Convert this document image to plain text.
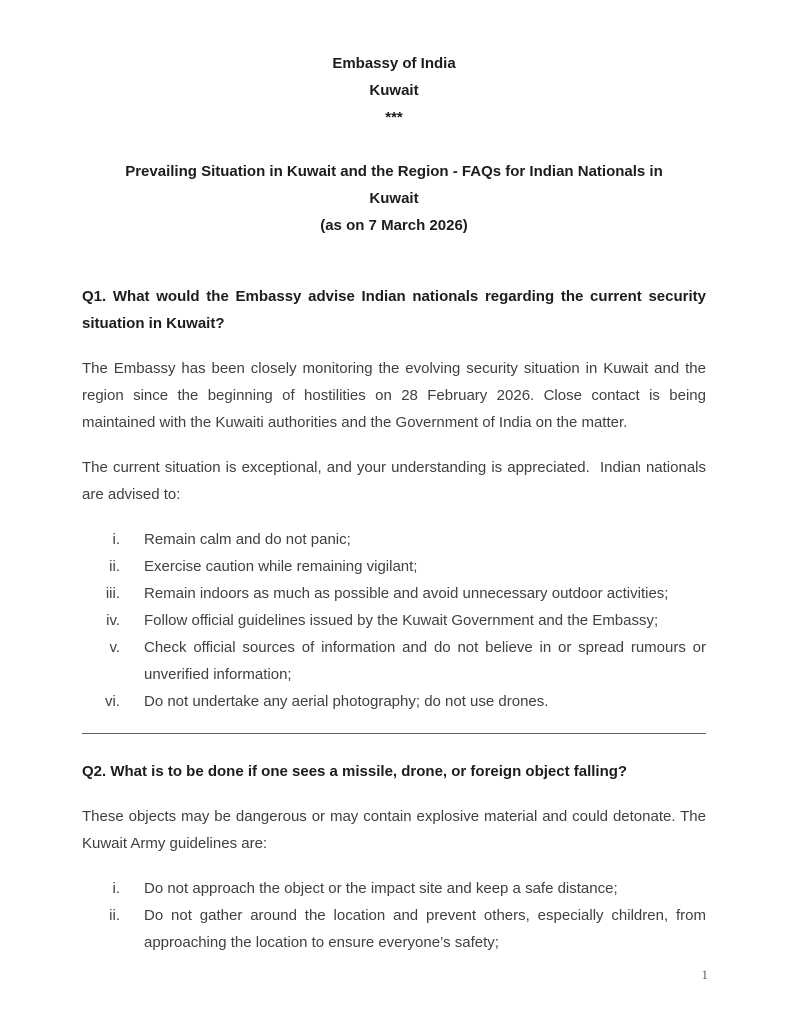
Embassy of India
Kuwait
***
Prevailing Situation in Kuwait and the Region - FAQs for Indian Nationals in
Kuwait
(as on 7 March 2026)
Q1. What would the Embassy advise Indian nationals regarding the current security situation in Kuwait?

The Embassy has been closely monitoring the evolving security situation in Kuwait and the region since the beginning of hostilities on 28 February 2026. Close contact is being maintained with the Kuwaiti authorities and the Government of India on the matter.

The current situation is exceptional, and your understanding is appreciated.  Indian nationals are advised to:

i. Remain calm and do not panic;
ii. Exercise caution while remaining vigilant;
iii. Remain indoors as much as possible and avoid unnecessary outdoor activities;
iv. Follow official guidelines issued by the Kuwait Government and the Embassy;
v. Check official sources of information and do not believe in or spread rumours or unverified information;
vi. Do not undertake any aerial photography; do not use drones.
Q2. What is to be done if one sees a missile, drone, or foreign object falling?

These objects may be dangerous or may contain explosive material and could detonate. The Kuwait Army guidelines are:

i. Do not approach the object or the impact site and keep a safe distance;
ii. Do not gather around the location and prevent others, especially children, from approaching the location to ensure everyone’s safety;
1
